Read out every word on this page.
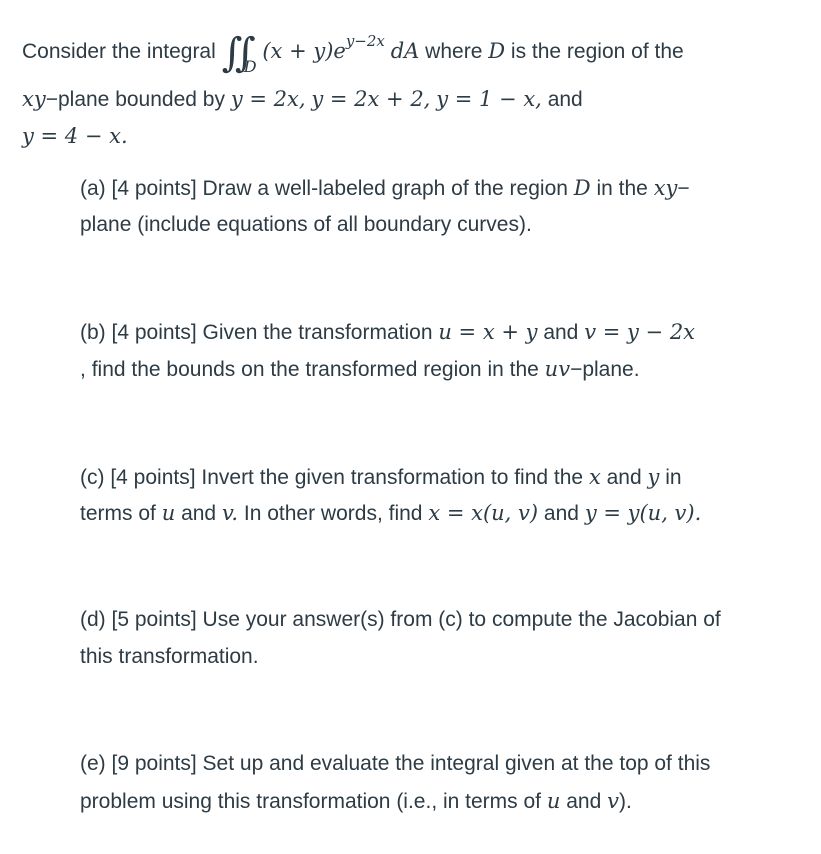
Consider the integral ∬ $_D$ $(x + y)e^{y-2x}$ dA where D is the region of the
xy−plane bounded by y = 2x, y = 2x + 2, y = 1 − x, and
y = 4 − x.
(a) [4 points] Draw a well-labeled graph of the region D in the xy−
plane (include equations of all boundary curves).
(b) [4 points] Given the transformation u = x + y and v = y − 2x
, find the bounds on the transformed region in the uv−plane.
(c) [4 points] Invert the given transformation to find the x and y in
terms of u and v. In other words, find x = x(u, v) and y = y(u, v).
(d) [5 points] Use your answer(s) from (c) to compute the Jacobian of
this transformation.
(e) [9 points] Set up and evaluate the integral given at the top of this
problem using this transformation (i.e., in terms of u and v).
